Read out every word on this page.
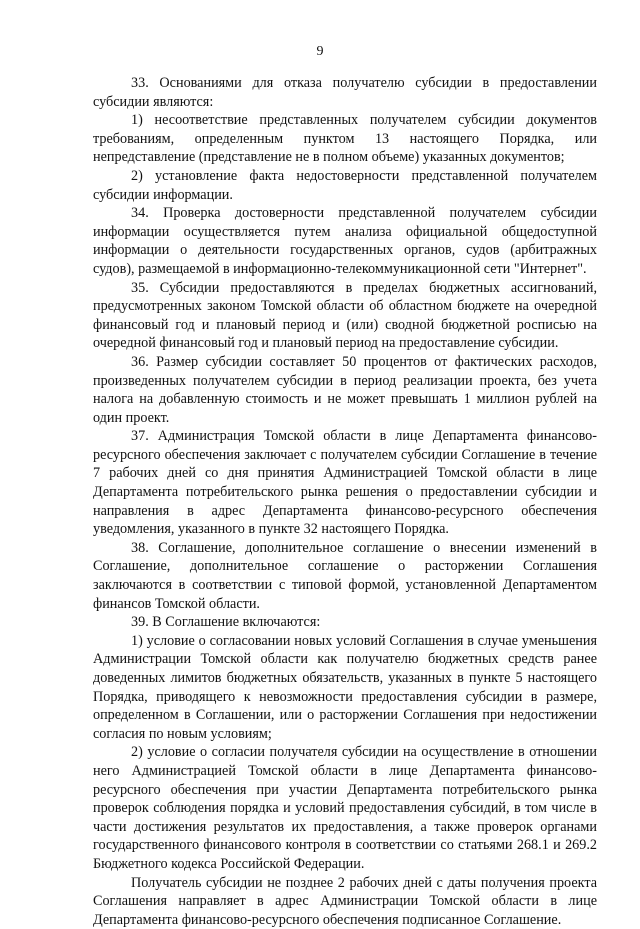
9

33. Основаниями для отказа получателю субсидии в предоставлении субсидии являются:

1) несоответствие представленных получателем субсидии документов требованиям, определенным пунктом 13 настоящего Порядка, или непредставление (представление не в полном объеме) указанных документов;

2) установление факта недостоверности представленной получателем субсидии информации.

34. Проверка достоверности представленной получателем субсидии информации осуществляется путем анализа официальной общедоступной информации о деятельности государственных органов, судов (арбитражных судов), размещаемой в информационно-телекоммуникационной сети "Интернет".

35. Субсидии предоставляются в пределах бюджетных ассигнований, предусмотренных законом Томской области об областном бюджете на очередной финансовый год и плановый период и (или) сводной бюджетной росписью на очередной финансовый год и плановый период на предоставление субсидии.

36. Размер субсидии составляет 50 процентов от фактических расходов, произведенных получателем субсидии в период реализации проекта, без учета налога на добавленную стоимость и не может превышать 1 миллион рублей на один проект.

37. Администрация Томской области в лице Департамента финансово-ресурсного обеспечения заключает с получателем субсидии Соглашение в течение 7 рабочих дней со дня принятия Администрацией Томской области в лице Департамента потребительского рынка решения о предоставлении субсидии и направления в адрес Департамента финансово-ресурсного обеспечения уведомления, указанного в пункте 32 настоящего Порядка.

38. Соглашение, дополнительное соглашение о внесении изменений в Соглашение, дополнительное соглашение о расторжении Соглашения заключаются в соответствии с типовой формой, установленной Департаментом финансов Томской области.

39. В Соглашение включаются:

1) условие о согласовании новых условий Соглашения в случае уменьшения Администрации Томской области как получателю бюджетных средств ранее доведенных лимитов бюджетных обязательств, указанных в пункте 5 настоящего Порядка, приводящего к невозможности предоставления субсидии в размере, определенном в Соглашении, или о расторжении Соглашения при недостижении согласия по новым условиям;

2) условие о согласии получателя субсидии на осуществление в отношении него Администрацией Томской области в лице Департамента финансово-ресурсного обеспечения при участии Департамента потребительского рынка проверок соблюдения порядка и условий предоставления субсидий, в том числе в части достижения результатов их предоставления, а также проверок органами государственного финансового контроля в соответствии со статьями 268.1 и 269.2 Бюджетного кодекса Российской Федерации.

Получатель субсидии не позднее 2 рабочих дней с даты получения проекта Соглашения направляет в адрес Администрации Томской области в лице Департамента финансово-ресурсного обеспечения подписанное Соглашение.
